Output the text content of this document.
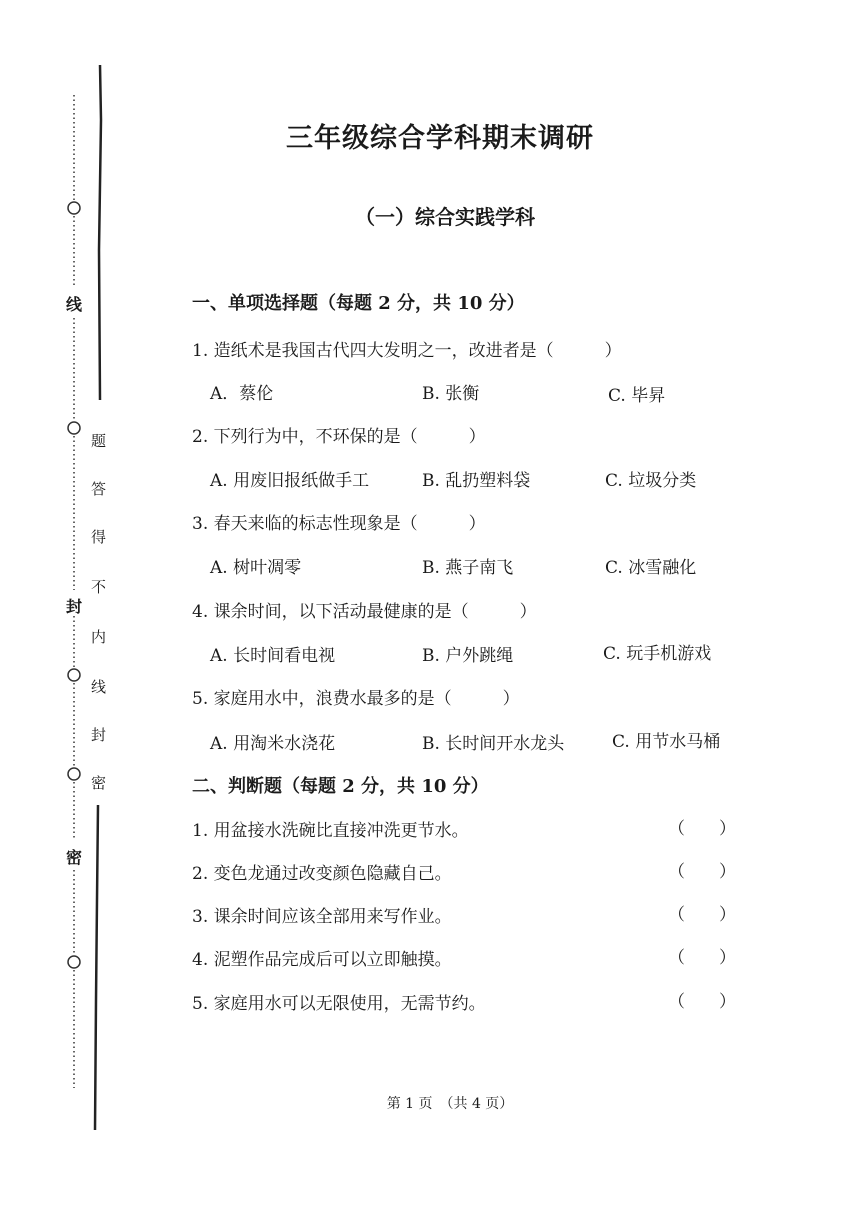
线
封
密
题
答
得
不
内
线
封
密
三年级综合学科期末调研
（一）综合实践学科
一、单项选择题（每题 2 分，共 10 分）
1. 造纸术是我国古代四大发明之一，改进者是（　　　）
A．蔡伦	B. 张衡	C. 毕昇
2. 下列行为中，不环保的是（　　　）
A. 用废旧报纸做手工	B. 乱扔塑料袋	C. 垃圾分类
3. 春天来临的标志性现象是（　　　）
A. 树叶凋零	B. 燕子南飞	C. 冰雪融化
4. 课余时间，以下活动最健康的是（　　　）
A. 长时间看电视	B. 户外跳绳	C. 玩手机游戏
5. 家庭用水中，浪费水最多的是（　　　）
A. 用淘米水浇花	B. 长时间开水龙头	C. 用节水马桶
二、判断题（每题 2 分，共 10 分）
1. 用盆接水洗碗比直接冲洗更节水。	（　　）
2. 变色龙通过改变颜色隐藏自己。	（　　）
3. 课余时间应该全部用来写作业。	（　　）
4. 泥塑作品完成后可以立即触摸。	（　　）
5. 家庭用水可以无限使用，无需节约。	（　　）
第 1 页　（共 4 页）
